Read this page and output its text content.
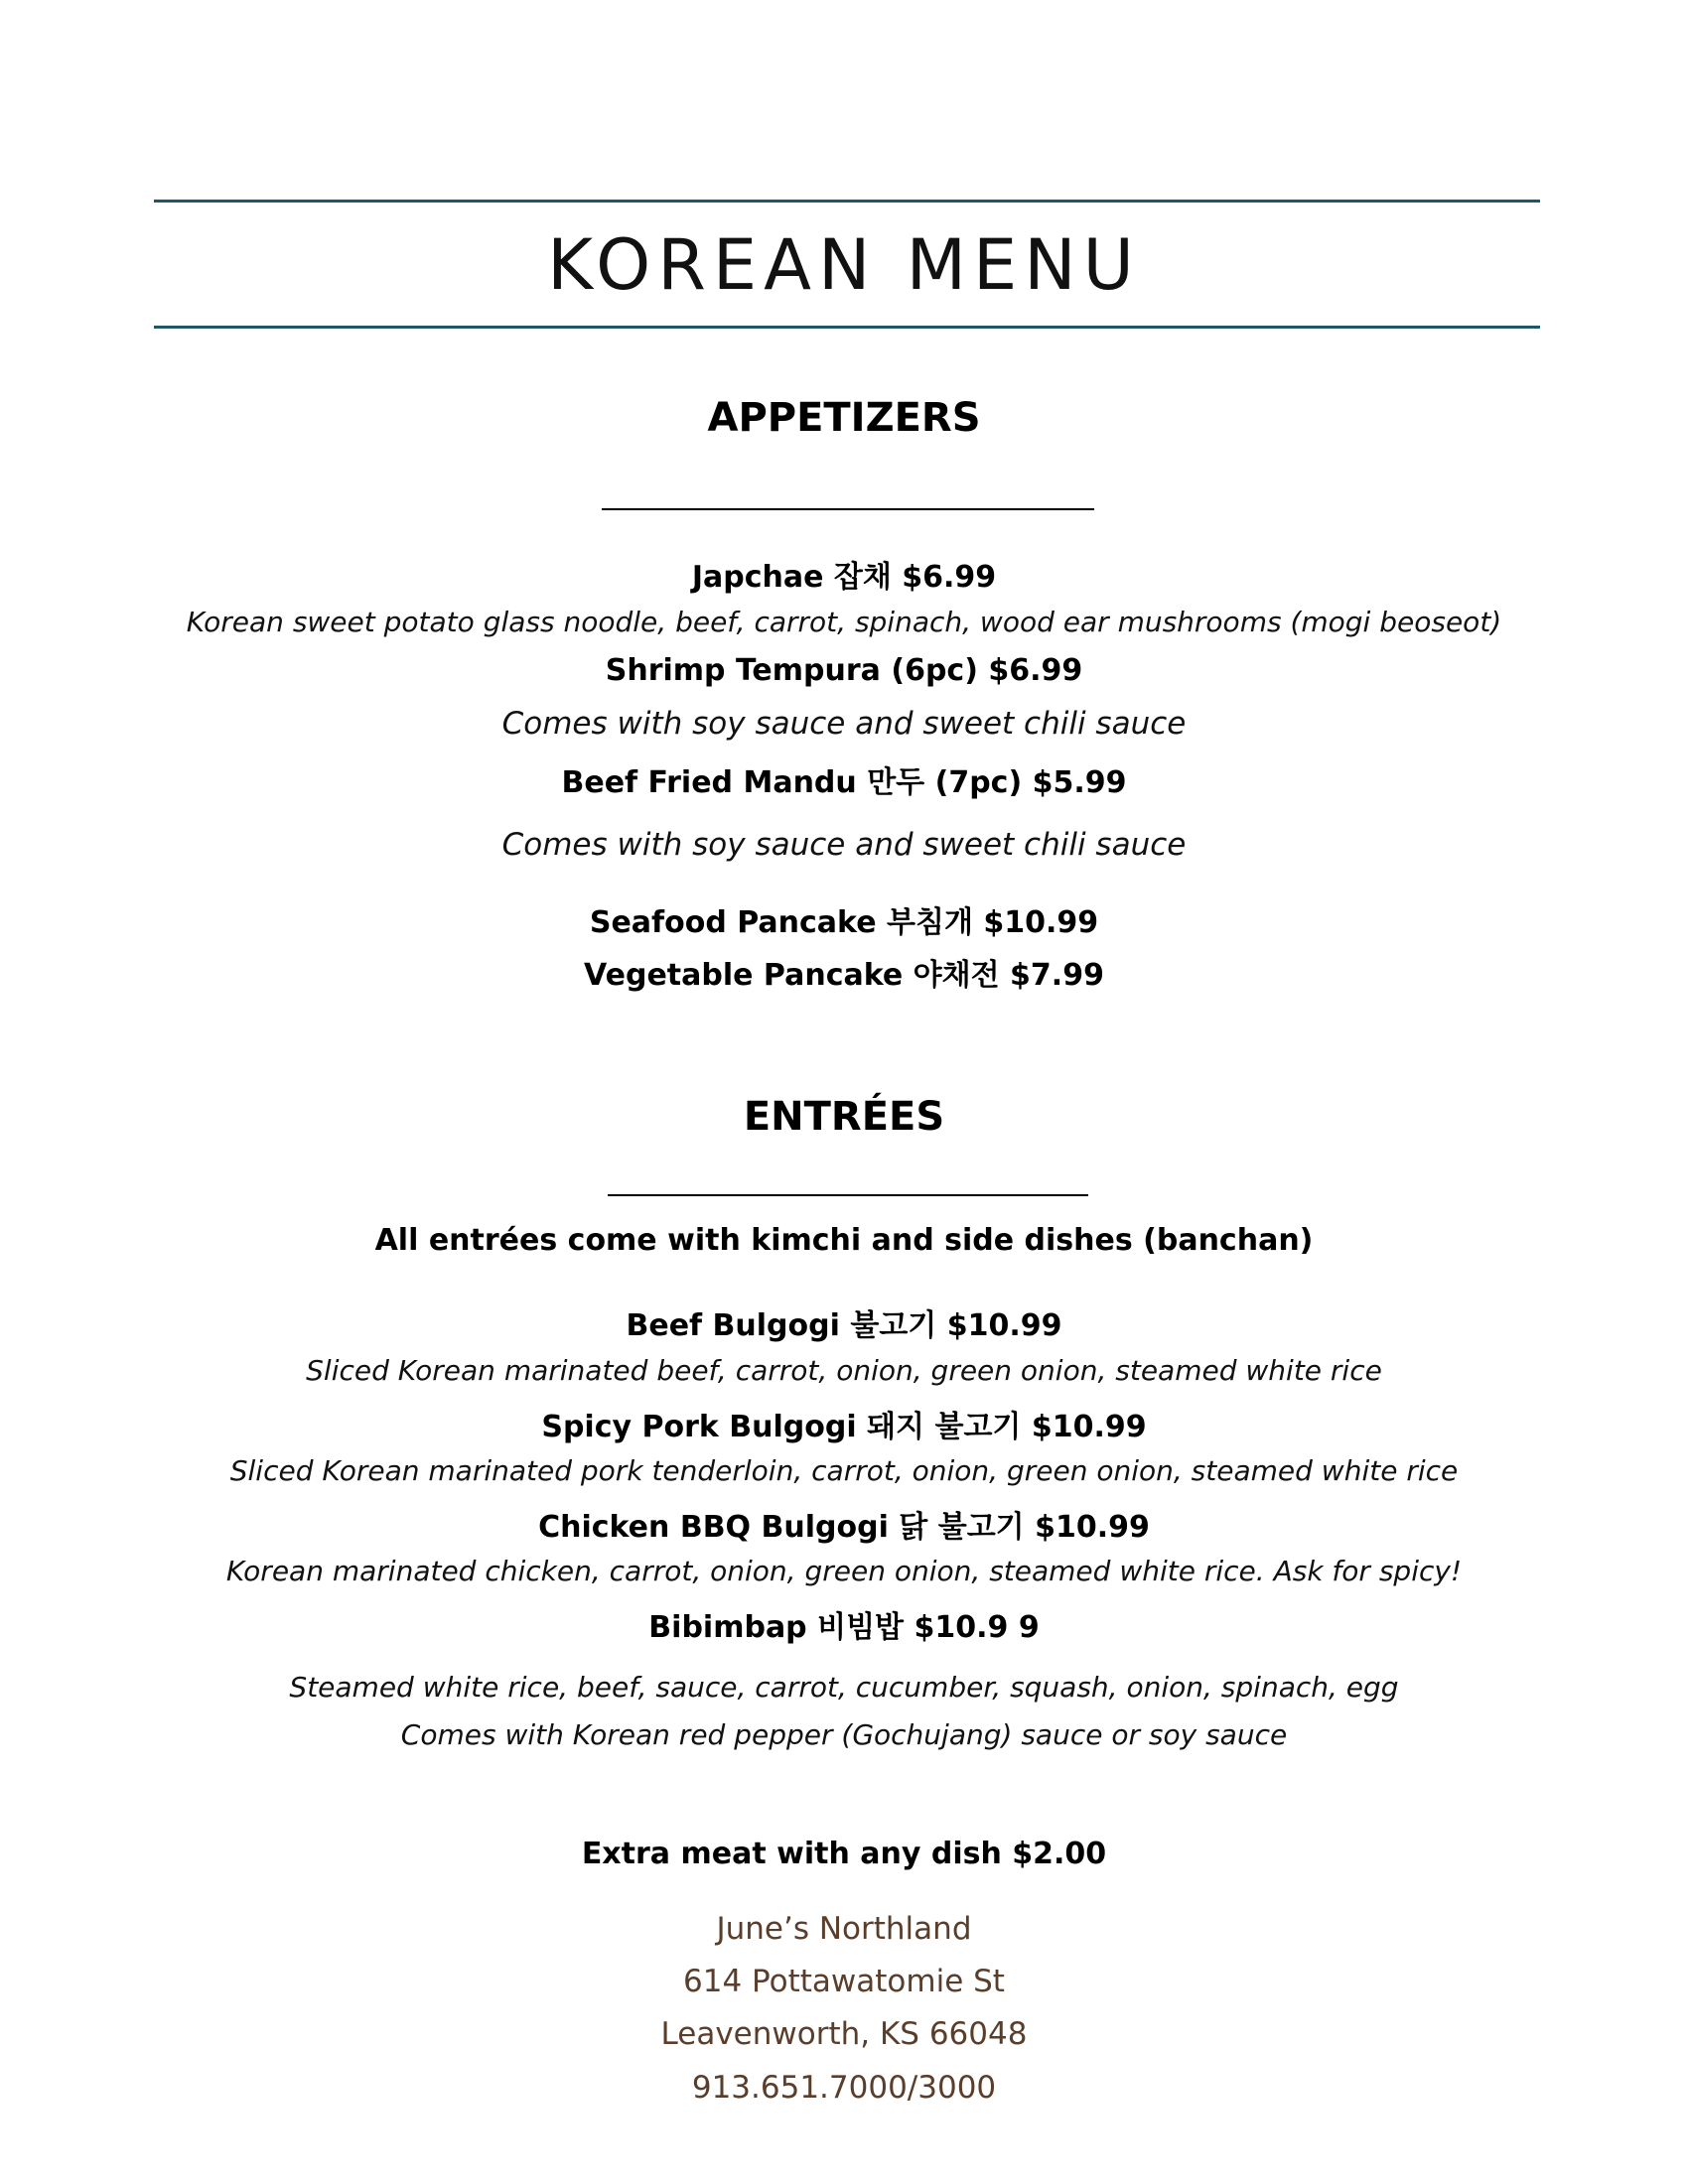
KOREAN MENU
APPETIZERS
Japchae 잡채 $6.99
Korean sweet potato glass noodle, beef, carrot, spinach, wood ear mushrooms (mogi beoseot)
Shrimp Tempura (6pc) $6.99
Comes with soy sauce and sweet chili sauce
Beef Fried Mandu 만두 (7pc) $5.99
Comes with soy sauce and sweet chili sauce
Seafood Pancake 부침개 $10.99
Vegetable Pancake 야채전 $7.99
ENTRÉES
All entrées come with kimchi and side dishes (banchan)
Beef Bulgogi 불고기 $10.99
Sliced Korean marinated beef, carrot, onion, green onion, steamed white rice
Spicy Pork Bulgogi 돼지 불고기 $10.99
Sliced Korean marinated pork tenderloin, carrot, onion, green onion, steamed white rice
Chicken BBQ Bulgogi 닭 불고기 $10.99
Korean marinated chicken, carrot, onion, green onion, steamed white rice. Ask for spicy!
Bibimbap 비빔밥 $10.9 9
Steamed white rice, beef, sauce, carrot, cucumber, squash, onion, spinach, egg
Comes with Korean red pepper (Gochujang) sauce or soy sauce
Extra meat with any dish $2.00
June’s Northland
614 Pottawatomie St
Leavenworth, KS 66048
913.651.7000/3000
